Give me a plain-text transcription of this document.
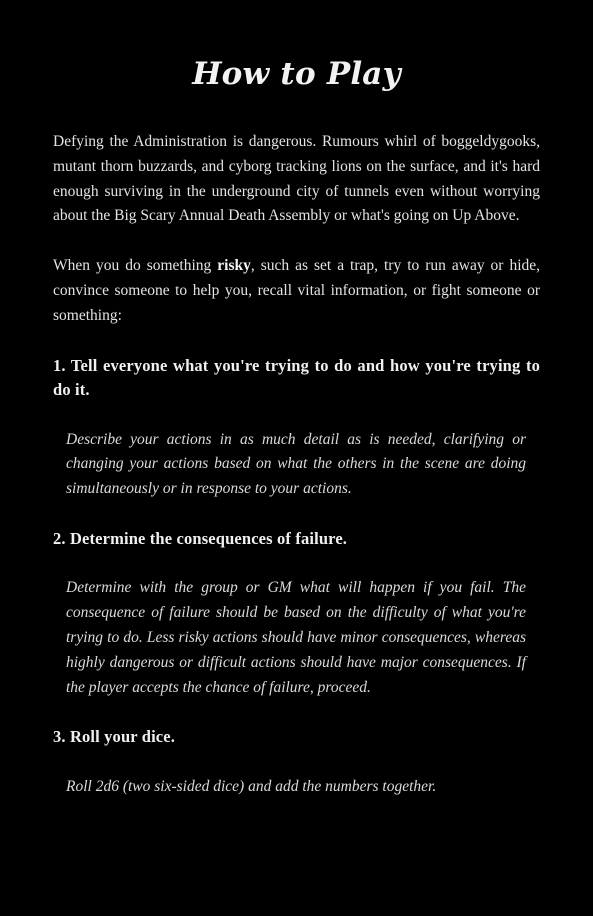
How to Play

Defying the Administration is dangerous. Rumours whirl of boggeldygooks, mutant thorn buzzards, and cyborg tracking lions on the surface, and it's hard enough surviving in the underground city of tunnels even without worrying about the Big Scary Annual Death Assembly or what's going on Up Above.

When you do something risky, such as set a trap, try to run away or hide, convince someone to help you, recall vital information, or fight someone or something:

1. Tell everyone what you're trying to do and how you're trying to do it.
Describe your actions in as much detail as is needed, clarifying or changing your actions based on what the others in the scene are doing simultaneously or in response to your actions.
2. Determine the consequences of failure.
Determine with the group or GM what will happen if you fail. The consequence of failure should be based on the difficulty of what you're trying to do. Less risky actions should have minor consequences, whereas highly dangerous or difficult actions should have major consequences. If the player accepts the chance of failure, proceed.
3. Roll your dice.
Roll 2d6 (two six-sided dice) and add the numbers together.
